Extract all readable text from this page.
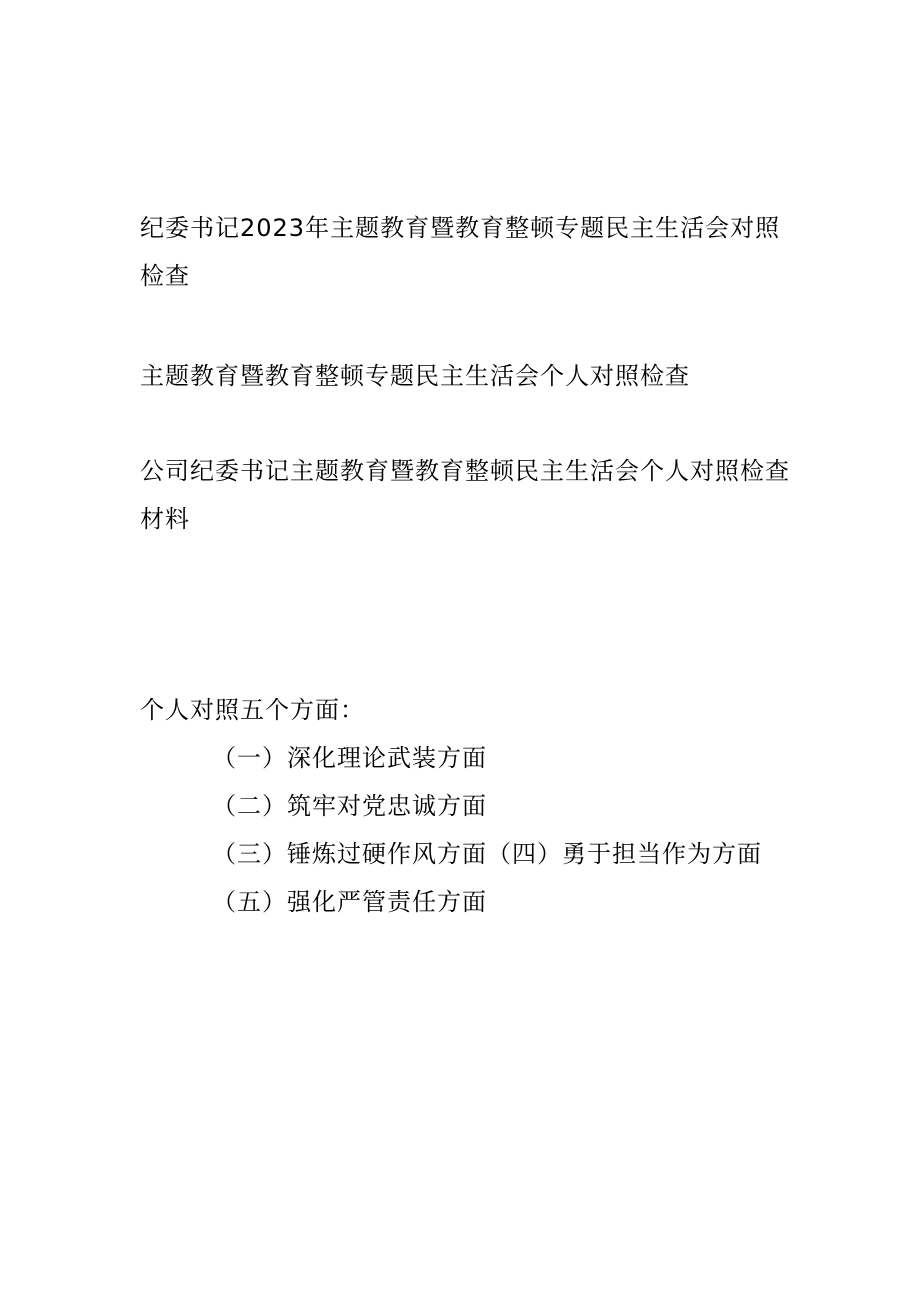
纪委书记2023年主题教育暨教育整顿专题民主生活会对照检查
主题教育暨教育整顿专题民主生活会个人对照检查
公司纪委书记主题教育暨教育整顿民主生活会个人对照检查材料
个人对照五个方面：
（一）深化理论武装方面
（二）筑牢对党忠诚方面
（三）锤炼过硬作风方面（四）勇于担当作为方面
（五）强化严管责任方面
